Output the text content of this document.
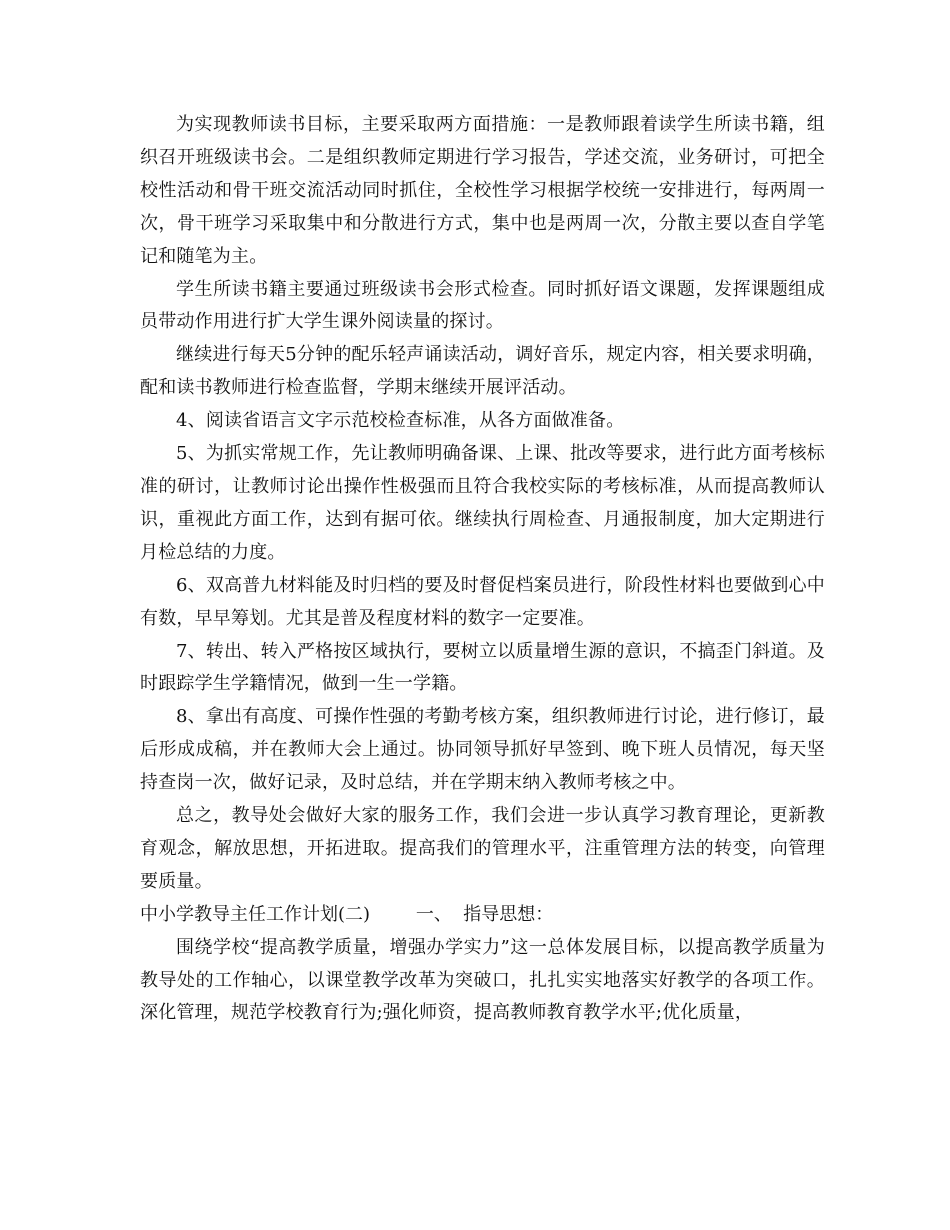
为实现教师读书目标，主要采取两方面措施：一是教师跟着读学生所读书籍，组织召开班级读书会。二是组织教师定期进行学习报告，学述交流，业务研讨，可把全校性活动和骨干班交流活动同时抓住，全校性学习根据学校统一安排进行，每两周一次，骨干班学习采取集中和分散进行方式，集中也是两周一次，分散主要以查自学笔记和随笔为主。

学生所读书籍主要通过班级读书会形式检查。同时抓好语文课题，发挥课题组成员带动作用进行扩大学生课外阅读量的探讨。

继续进行每天5分钟的配乐轻声诵读活动，调好音乐，规定内容，相关要求明确，配和读书教师进行检查监督，学期末继续开展评活动。

4、阅读省语言文字示范校检查标准，从各方面做准备。

5、为抓实常规工作，先让教师明确备课、上课、批改等要求，进行此方面考核标准的研讨，让教师讨论出操作性极强而且符合我校实际的考核标准，从而提高教师认识，重视此方面工作，达到有据可依。继续执行周检查、月通报制度，加大定期进行月检总结的力度。

6、双高普九材料能及时归档的要及时督促档案员进行，阶段性材料也要做到心中有数，早早筹划。尤其是普及程度材料的数字一定要准。

7、转出、转入严格按区域执行，要树立以质量增生源的意识，不搞歪门斜道。及时跟踪学生学籍情况，做到一生一学籍。

8、拿出有高度、可操作性强的考勤考核方案，组织教师进行讨论，进行修订，最后形成成稿，并在教师大会上通过。协同领导抓好早签到、晚下班人员情况，每天坚持查岗一次，做好记录，及时总结，并在学期末纳入教师考核之中。

总之，教导处会做好大家的服务工作，我们会进一步认真学习教育理论，更新教育观念，解放思想，开拓进取。提高我们的管理水平，注重管理方法的转变，向管理要质量。

中小学教导主任工作计划(二)        一、  指导思想：

围绕学校“提高教学质量，增强办学实力”这一总体发展目标，以提高教学质量为教导处的工作轴心，以课堂教学改革为突破口，扎扎实实地落实好教学的各项工作。深化管理，规范学校教育行为;强化师资，提高教师教育教学水平;优化质量，
